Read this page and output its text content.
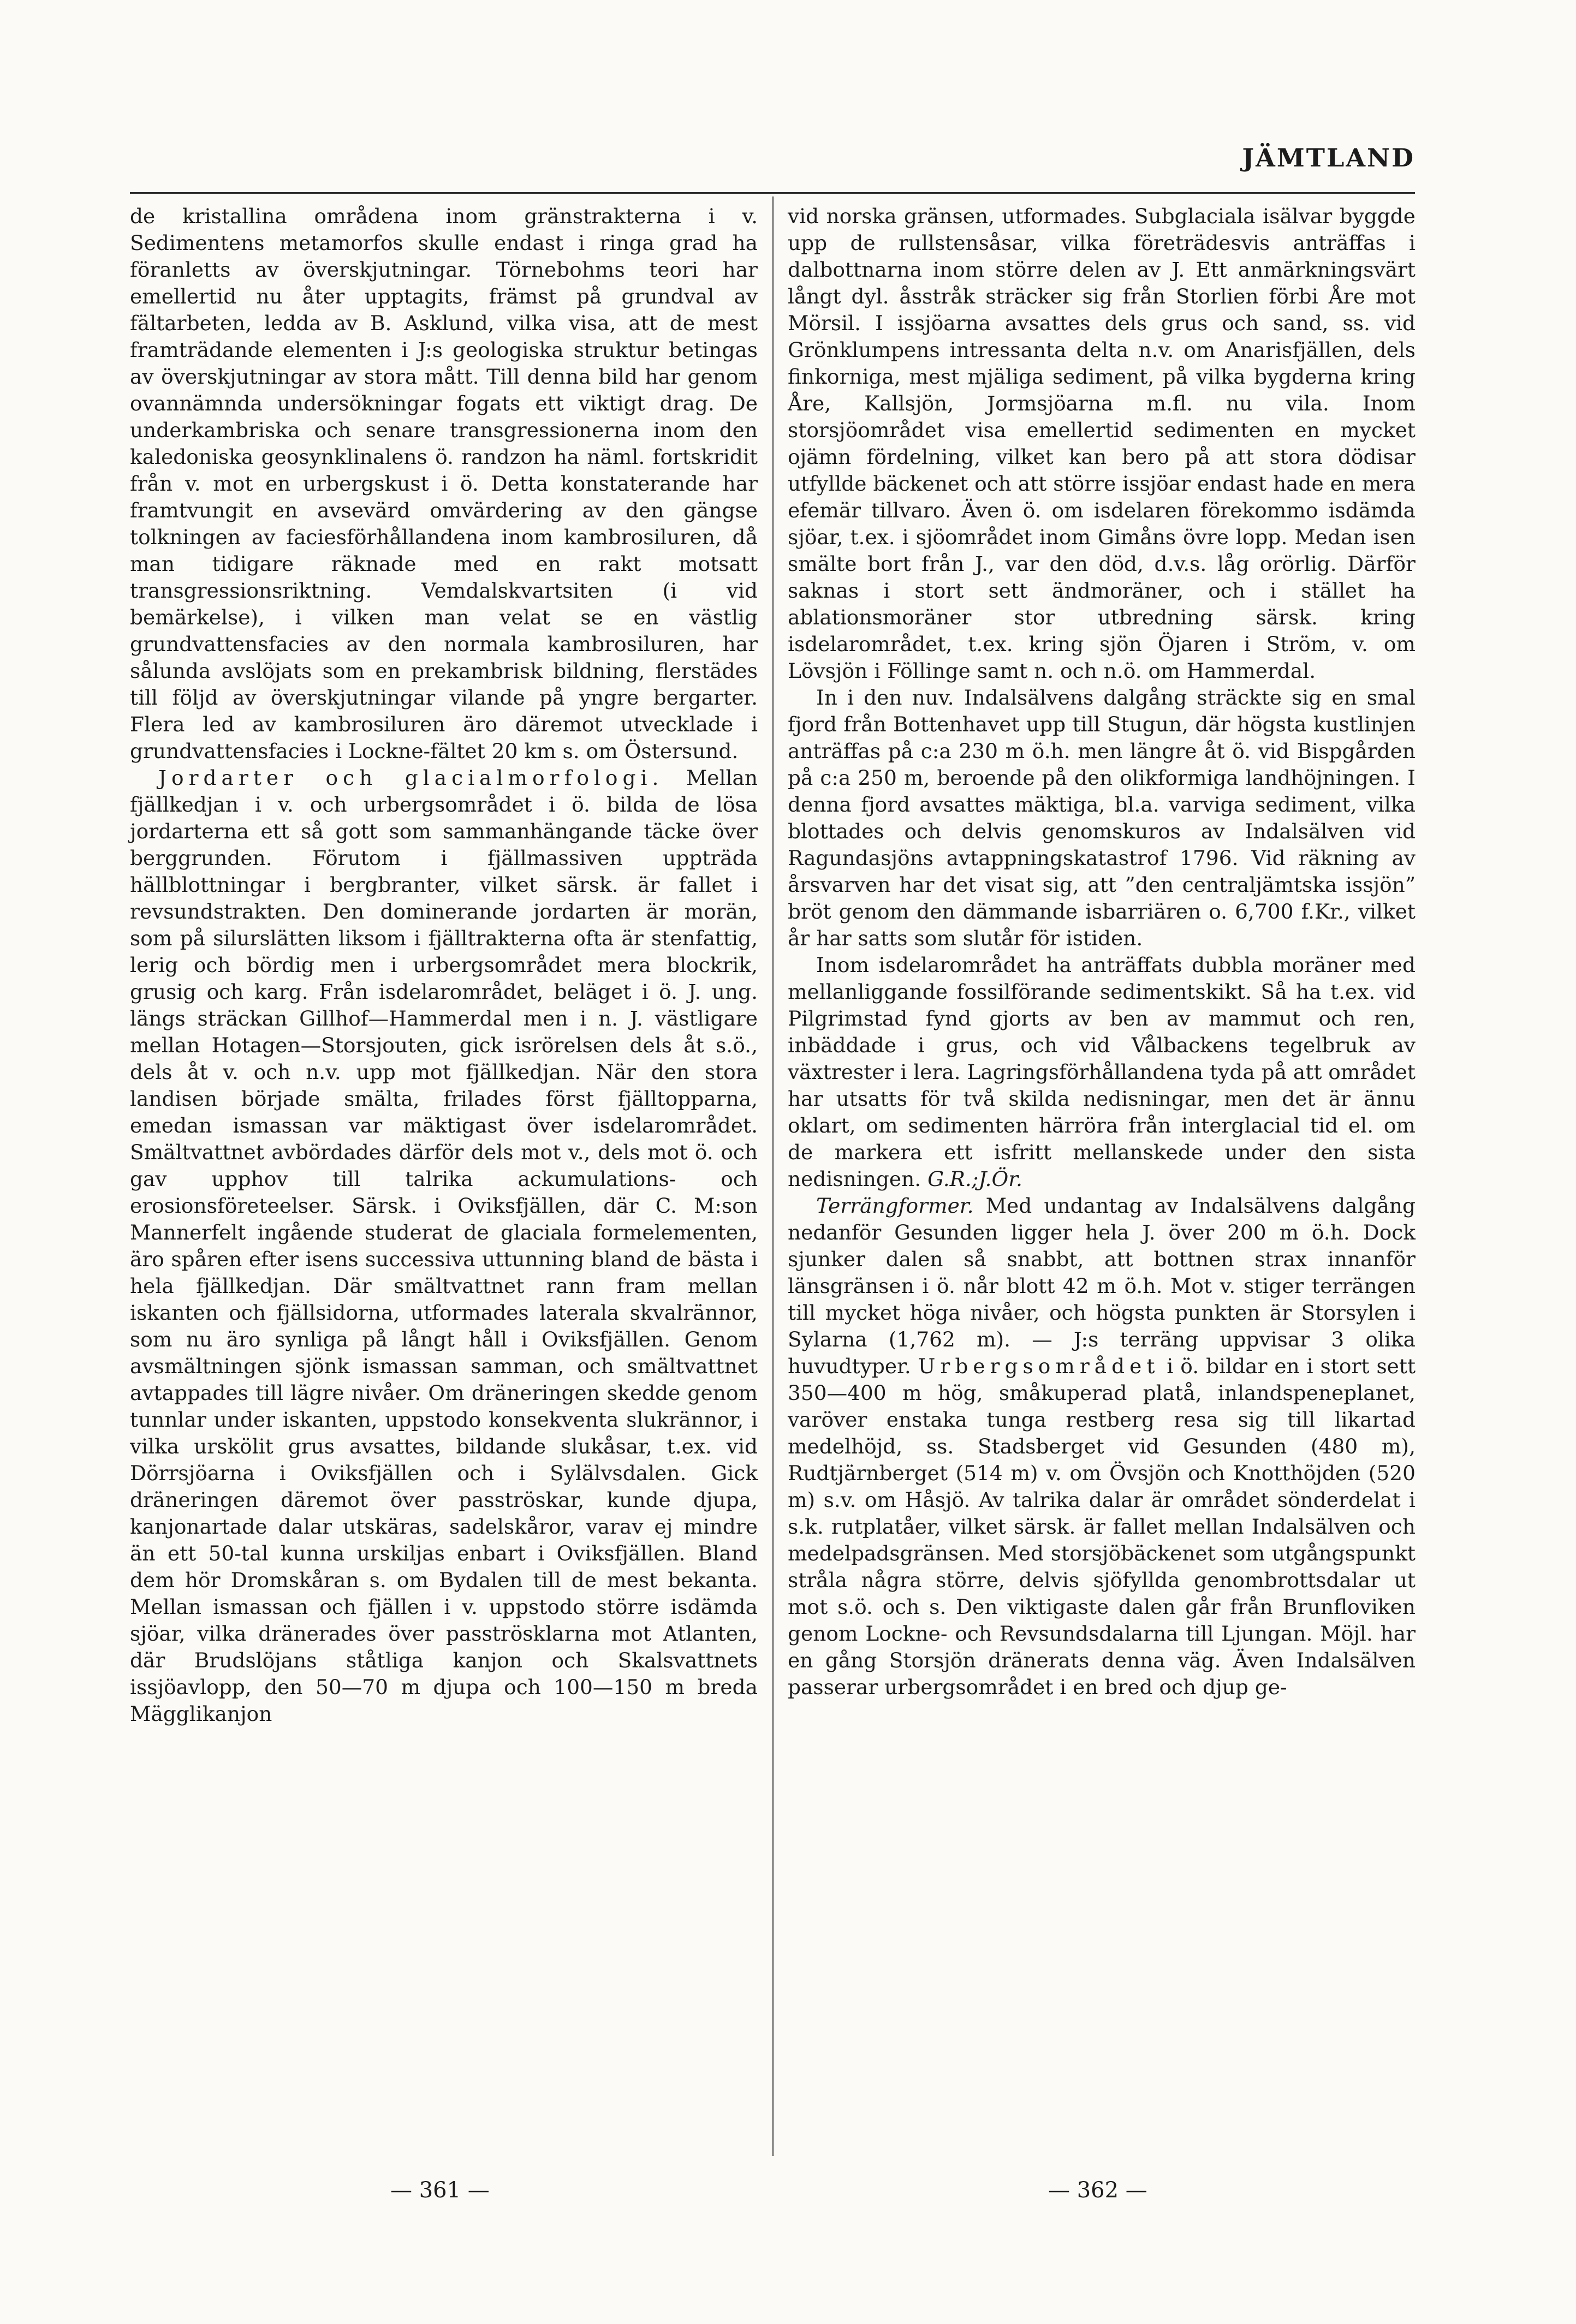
JÄMTLAND

de kristallina områdena inom gränstrakterna i v. Sedimentens metamorfos skulle endast i ringa grad ha föranletts av överskjutningar. Törnebohms teori har emellertid nu åter upptagits, främst på grundval av fältarbeten, ledda av B. Asklund, vilka visa, att de mest framträdande elementen i J:s geologiska struktur betingas av överskjutningar av stora mått. Till denna bild har genom ovannämnda undersökningar fogats ett viktigt drag. De underkambriska och senare transgressionerna inom den kaledoniska geosynklinalens ö. randzon ha näml. fortskridit från v. mot en urbergskust i ö. Detta konstaterande har framtvungit en avsevärd omvärdering av den gängse tolkningen av faciesförhållandena inom kambrosiluren, då man tidigare räknade med en rakt motsatt transgressionsriktning. Vemdalskvartsiten (i vid bemärkelse), i vilken man velat se en västlig grundvattensfacies av den normala kambrosiluren, har sålunda avslöjats som en prekambrisk bildning, flerstädes till följd av överskjutningar vilande på yngre bergarter. Flera led av kambrosiluren äro däremot utvecklade i grundvattensfacies i Lockne-fältet 20 km s. om Östersund.

Jordarter och glacialmorfologi. Mellan fjällkedjan i v. och urbergsområdet i ö. bilda de lösa jordarterna ett så gott som sammanhängande täcke över berggrunden. Förutom i fjällmassiven uppträda hällblottningar i bergbranter, vilket särsk. är fallet i revsundstrakten. Den dominerande jordarten är morän, som på silurslätten liksom i fjälltrakterna ofta är stenfattig, lerig och bördig men i urbergsområdet mera blockrik, grusig och karg. Från isdelarområdet, beläget i ö. J. ung. längs sträckan Gillhof—Hammerdal men i n. J. västligare mellan Hotagen—Storsjouten, gick isrörelsen dels åt s.ö., dels åt v. och n.v. upp mot fjällkedjan. När den stora landisen började smälta, frilades först fjälltopparna, emedan ismassan var mäktigast över isdelarområdet. Smältvattnet avbördades därför dels mot v., dels mot ö. och gav upphov till talrika ackumulations- och erosionsföreteelser. Särsk. i Oviksfjällen, där C. M:son Mannerfelt ingående studerat de glaciala formelementen, äro spåren efter isens successiva uttunning bland de bästa i hela fjällkedjan. Där smältvattnet rann fram mellan iskanten och fjällsidorna, utformades laterala skvalrännor, som nu äro synliga på långt håll i Oviksfjällen. Genom avsmältningen sjönk ismassan samman, och smältvattnet avtappades till lägre nivåer. Om dräneringen skedde genom tunnlar under iskanten, uppstodo konsekventa slukrännor, i vilka urskölit grus avsattes, bildande slukåsar, t.ex. vid Dörrsjöarna i Oviksfjällen och i Sylälvsdalen. Gick dräneringen däremot över pasströskar, kunde djupa, kanjonartade dalar utskäras, sadelskåror, varav ej mindre än ett 50-tal kunna urskiljas enbart i Oviksfjällen. Bland dem hör Dromskåran s. om Bydalen till de mest bekanta. Mellan ismassan och fjällen i v. uppstodo större isdämda sjöar, vilka dränerades över pasströsklarna mot Atlanten, där Brudslöjans ståtliga kanjon och Skalsvattnets issjöavlopp, den 50—70 m djupa och 100—150 m breda Mägglikanjon

vid norska gränsen, utformades. Subglaciala isälvar byggde upp de rullstensåsar, vilka företrädesvis anträffas i dalbottnarna inom större delen av J. Ett anmärkningsvärt långt dyl. åsstråk sträcker sig från Storlien förbi Åre mot Mörsil. I issjöarna avsattes dels grus och sand, ss. vid Grönklumpens intressanta delta n.v. om Anarisfjällen, dels finkorniga, mest mjäliga sediment, på vilka bygderna kring Åre, Kallsjön, Jormsjöarna m.fl. nu vila. Inom storsjöområdet visa emellertid sedimenten en mycket ojämn fördelning, vilket kan bero på att stora dödisar utfyllde bäckenet och att större issjöar endast hade en mera efemär tillvaro. Även ö. om isdelaren förekommo isdämda sjöar, t.ex. i sjöområdet inom Gimåns övre lopp. Medan isen smälte bort från J., var den död, d.v.s. låg orörlig. Därför saknas i stort sett ändmoräner, och i stället ha ablationsmoräner stor utbredning särsk. kring isdelarområdet, t.ex. kring sjön Öjaren i Ström, v. om Lövsjön i Föllinge samt n. och n.ö. om Hammerdal.

In i den nuv. Indalsälvens dalgång sträckte sig en smal fjord från Bottenhavet upp till Stugun, där högsta kustlinjen anträffas på c:a 230 m ö.h. men längre åt ö. vid Bispgården på c:a 250 m, beroende på den olikformiga landhöjningen. I denna fjord avsattes mäktiga, bl.a. varviga sediment, vilka blottades och delvis genomskuros av Indalsälven vid Ragundasjöns avtappningskatastrof 1796. Vid räkning av årsvarven har det visat sig, att ”den centraljämtska issjön” bröt genom den dämmande isbarriären o. 6,700 f.Kr., vilket år har satts som slutår för istiden.

Inom isdelarområdet ha anträffats dubbla moräner med mellanliggande fossilförande sedimentskikt. Så ha t.ex. vid Pilgrimstad fynd gjorts av ben av mammut och ren, inbäddade i grus, och vid Vålbackens tegelbruk av växtrester i lera. Lagringsförhållandena tyda på att området har utsatts för två skilda nedisningar, men det är ännu oklart, om sedimenten härröra från interglacial tid el. om de markera ett isfritt mellanskede under den sista nedisningen. G.R.;J.Ör.

Terrängformer. Med undantag av Indalsälvens dalgång nedanför Gesunden ligger hela J. över 200 m ö.h. Dock sjunker dalen så snabbt, att bottnen strax innanför länsgränsen i ö. når blott 42 m ö.h. Mot v. stiger terrängen till mycket höga nivåer, och högsta punkten är Storsylen i Sylarna (1,762 m). — J:s terräng uppvisar 3 olika huvudtyper. Urbergsområdet i ö. bildar en i stort sett 350—400 m hög, småkuperad platå, inlandspeneplanet, varöver enstaka tunga restberg resa sig till likartad medelhöjd, ss. Stadsberget vid Gesunden (480 m), Rudtjärnberget (514 m) v. om Övsjön och Knotthöjden (520 m) s.v. om Håsjö. Av talrika dalar är området sönderdelat i s.k. rutplatåer, vilket särsk. är fallet mellan Indalsälven och medelpadsgränsen. Med storsjöbäckenet som utgångspunkt stråla några större, delvis sjöfyllda genombrottsdalar ut mot s.ö. och s. Den viktigaste dalen går från Brunfloviken genom Lockne- och Revsundsdalarna till Ljungan. Möjl. har en gång Storsjön dränerats denna väg. Även Indalsälven passerar urbergsområdet i en bred och djup ge-

— 361 —	— 362 —
